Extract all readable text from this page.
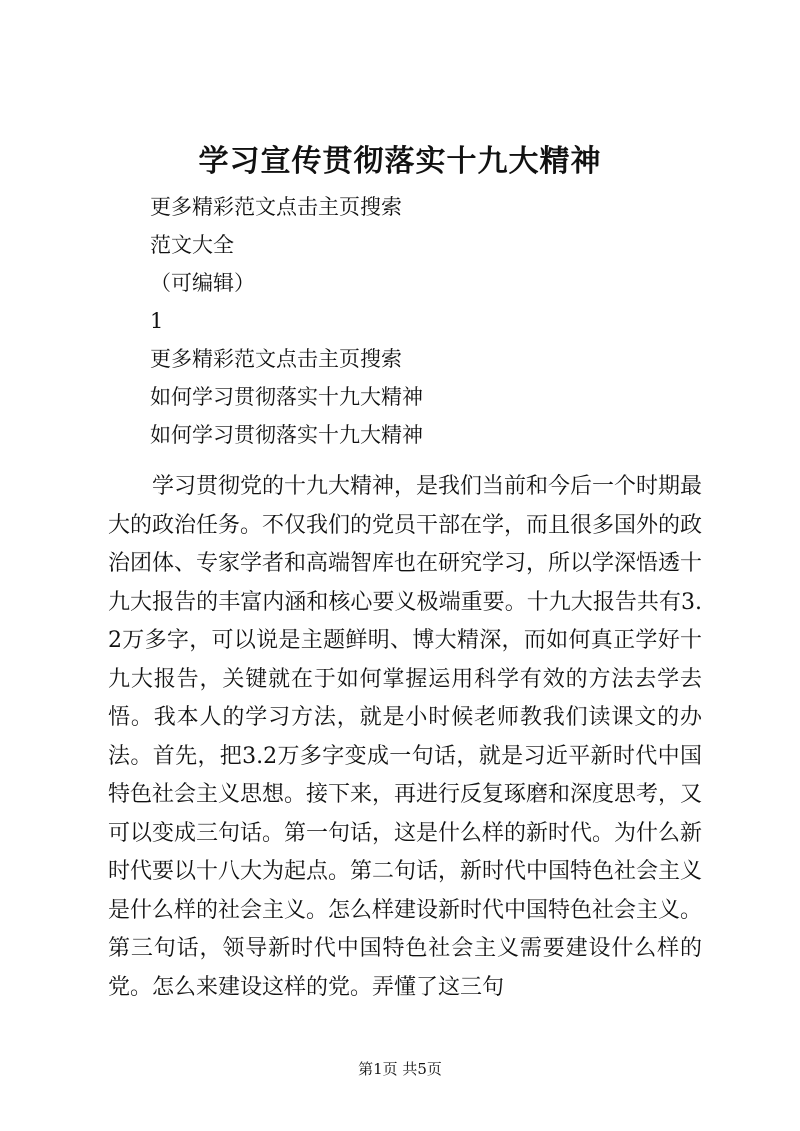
学习宣传贯彻落实十九大精神
更多精彩范文点击主页搜索
范文大全
（可编辑）
1
更多精彩范文点击主页搜索
如何学习贯彻落实十九大精神
如何学习贯彻落实十九大精神

学习贯彻党的十九大精神，是我们当前和今后一个时期最大的政治任务。不仅我们的党员干部在学，而且很多国外的政治团体、专家学者和高端智库也在研究学习，所以学深悟透十九大报告的丰富内涵和核心要义极端重要。十九大报告共有3.2万多字，可以说是主题鲜明、博大精深，而如何真正学好十九大报告，关键就在于如何掌握运用科学有效的方法去学去悟。我本人的学习方法，就是小时候老师教我们读课文的办法。首先，把3.2万多字变成一句话，就是习近平新时代中国特色社会主义思想。接下来，再进行反复琢磨和深度思考，又可以变成三句话。第一句话，这是什么样的新时代。为什么新时代要以十八大为起点。第二句话，新时代中国特色社会主义是什么样的社会主义。怎么样建设新时代中国特色社会主义。第三句话，领导新时代中国特色社会主义需要建设什么样的党。怎么来建设这样的党。弄懂了这三句

第1页 共5页
